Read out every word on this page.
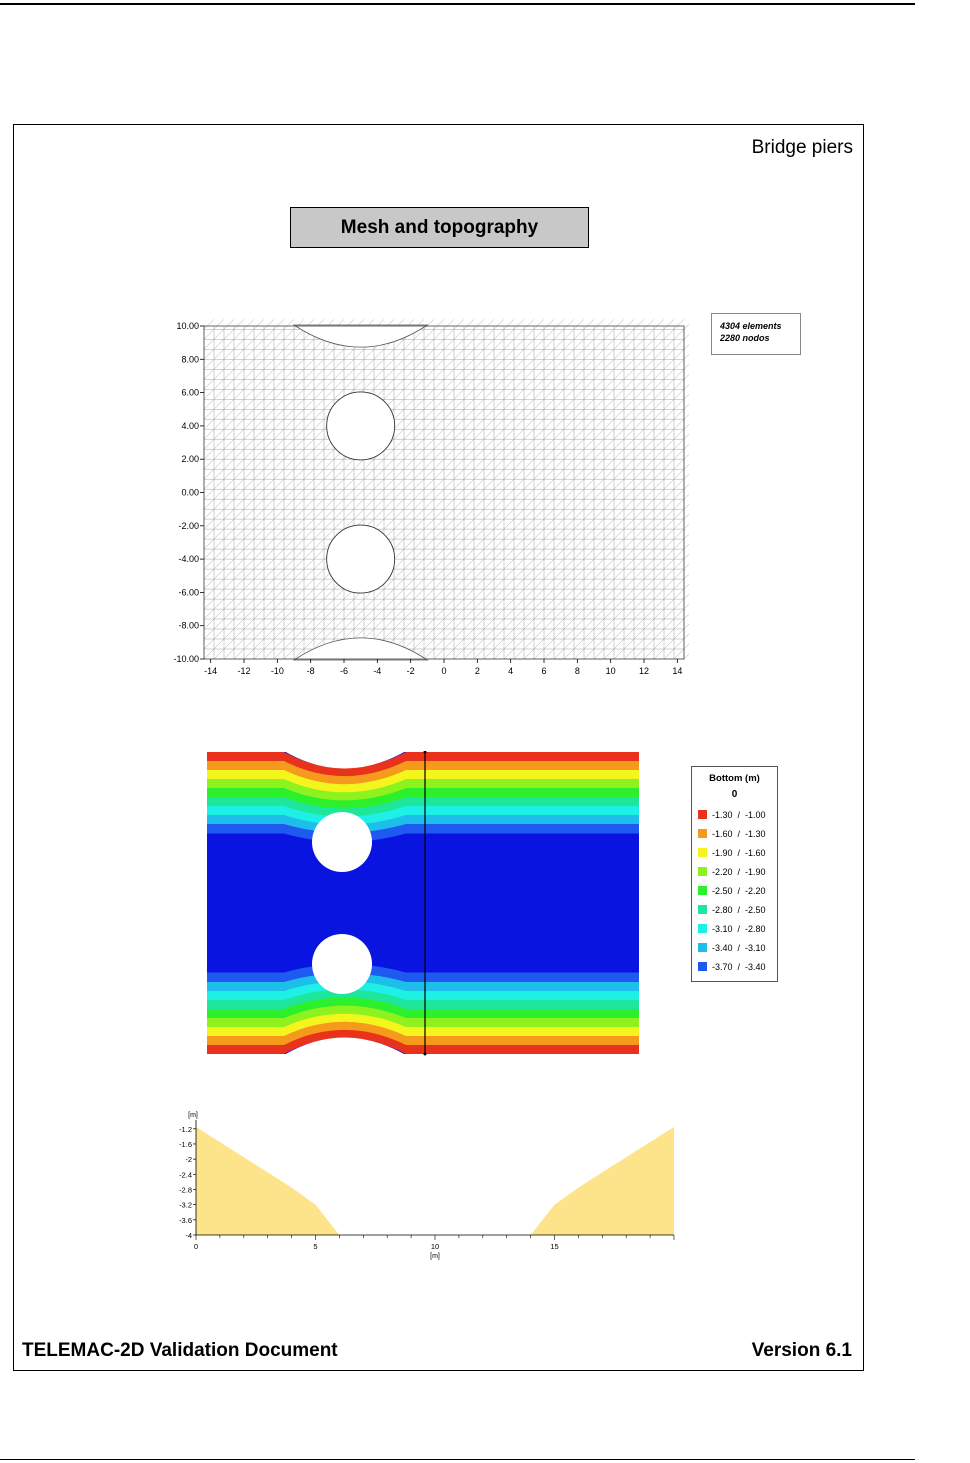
Bridge piers
Mesh and topography
-14 -12 -10	-8	-6	-4	-2	0	2	4	6	8	10	12	14
10.00
8.00
6.00
4.00
2.00
0.00
-2.00
-4.00
-6.00
-8.00
-10.00
4304 elements
2280 nodos
Bottom (m)
0
-1.30  /  -1.00
-1.60  /  -1.30
-1.90  /  -1.60
-2.20  /  -1.90
-2.50  /  -2.20
-2.80  /  -2.50
-3.10  /  -2.80
-3.40  /  -3.10
-3.70  /  -3.40
-1.2
-1.6
-2
-2.4
-2.8
-3.2
-3.6
-4
0	5	10	15
[m]
[m]
TELEMAC-2D Validation Document	Version 6.1
